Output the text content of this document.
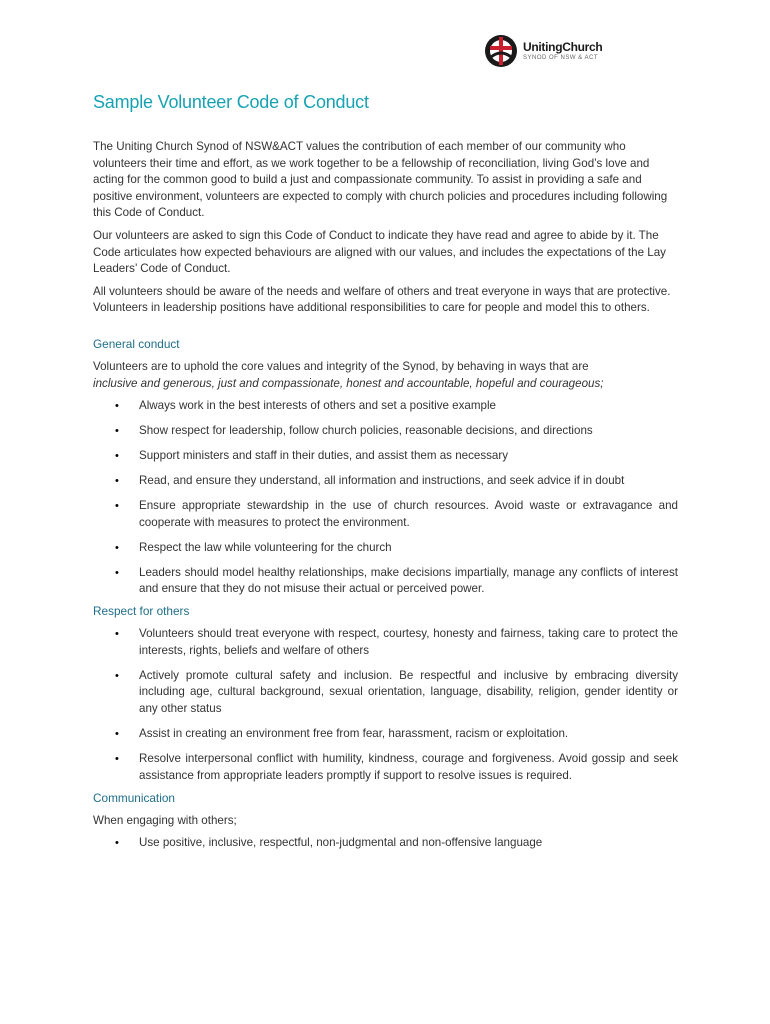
UnitingChurch
SYNOD OF NSW & ACT
Sample Volunteer Code of Conduct

The Uniting Church Synod of NSW&ACT values the contribution of each member of our community who volunteers their time and effort, as we work together to be a fellowship of reconciliation, living God’s love and acting for the common good to build a just and compassionate community. To assist in providing a safe and positive environment, volunteers are expected to comply with church policies and procedures including following this Code of Conduct.

Our volunteers are asked to sign this Code of Conduct to indicate they have read and agree to abide by it. The Code articulates how expected behaviours are aligned with our values, and includes the expectations of the Lay Leaders’ Code of Conduct.

All volunteers should be aware of the needs and welfare of others and treat everyone in ways that are protective. Volunteers in leadership positions have additional responsibilities to care for people and model this to others.

General conduct

Volunteers are to uphold the core values and integrity of the Synod, by behaving in ways that are
inclusive and generous, just and compassionate, honest and accountable, hopeful and courageous;

• Always work in the best interests of others and set a positive example
• Show respect for leadership, follow church policies, reasonable decisions, and directions
• Support ministers and staff in their duties, and assist them as necessary
• Read, and ensure they understand, all information and instructions, and seek advice if in doubt
• Ensure appropriate stewardship in the use of church resources. Avoid waste or extravagance and cooperate with measures to protect the environment.
• Respect the law while volunteering for the church
• Leaders should model healthy relationships, make decisions impartially, manage any conflicts of interest and ensure that they do not misuse their actual or perceived power.
Respect for others
• Volunteers should treat everyone with respect, courtesy, honesty and fairness, taking care to protect the interests, rights, beliefs and welfare of others
• Actively promote cultural safety and inclusion. Be respectful and inclusive by embracing diversity including age, cultural background, sexual orientation, language, disability, religion, gender identity or any other status
• Assist in creating an environment free from fear, harassment, racism or exploitation.
• Resolve interpersonal conflict with humility, kindness, courage and forgiveness. Avoid gossip and seek assistance from appropriate leaders promptly if support to resolve issues is required.
Communication

When engaging with others;

• Use positive, inclusive, respectful, non-judgmental and non-offensive language
